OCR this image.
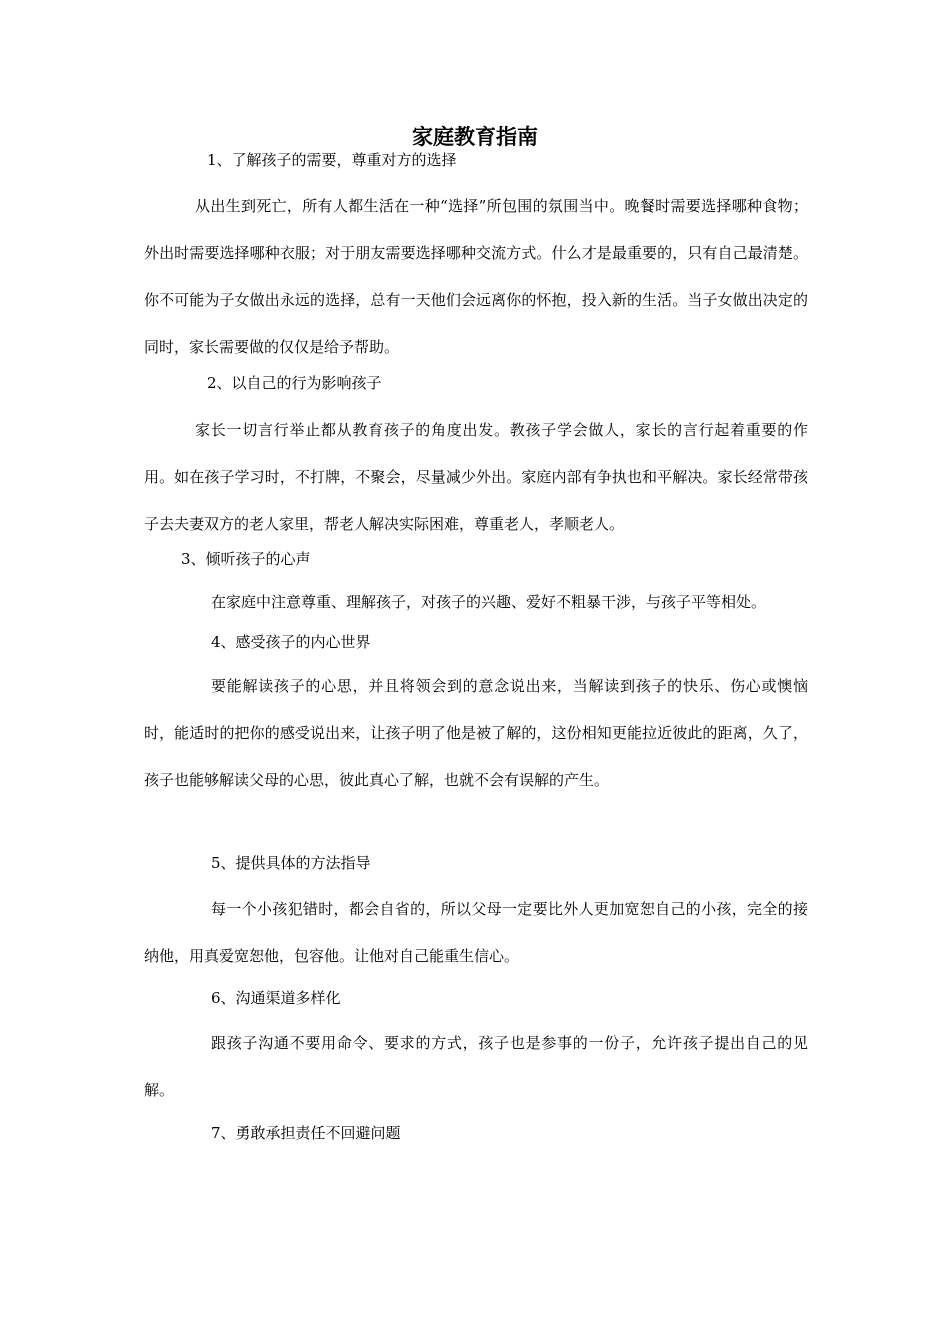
家庭教育指南

1、了解孩子的需要，尊重对方的选择

从出生到死亡，所有人都生活在一种“选择”所包围的氛围当中。晚餐时需要选择哪种食物；外出时需要选择哪种衣服；对于朋友需要选择哪种交流方式。什么才是最重要的，只有自己最清楚。你不可能为子女做出永远的选择，总有一天他们会远离你的怀抱，投入新的生活。当子女做出决定的同时，家长需要做的仅仅是给予帮助。

2、以自己的行为影响孩子

家长一切言行举止都从教育孩子的角度出发。教孩子学会做人，家长的言行起着重要的作用。如在孩子学习时，不打牌，不聚会，尽量减少外出。家庭内部有争执也和平解决。家长经常带孩子去夫妻双方的老人家里，帮老人解决实际困难，尊重老人，孝顺老人。

3、倾听孩子的心声

在家庭中注意尊重、理解孩子，对孩子的兴趣、爱好不粗暴干涉，与孩子平等相处。

4、感受孩子的内心世界

要能解读孩子的心思，并且将领会到的意念说出来，当解读到孩子的快乐、伤心或懊恼时，能适时的把你的感受说出来，让孩子明了他是被了解的，这份相知更能拉近彼此的距离，久了，孩子也能够解读父母的心思，彼此真心了解，也就不会有误解的产生。

5、提供具体的方法指导

每一个小孩犯错时，都会自省的，所以父母一定要比外人更加宽恕自己的小孩，完全的接纳他，用真爱宽恕他，包容他。让他对自己能重生信心。

6、沟通渠道多样化

跟孩子沟通不要用命令、要求的方式，孩子也是参事的一份子，允许孩子提出自己的见解。

7、勇敢承担责任不回避问题
